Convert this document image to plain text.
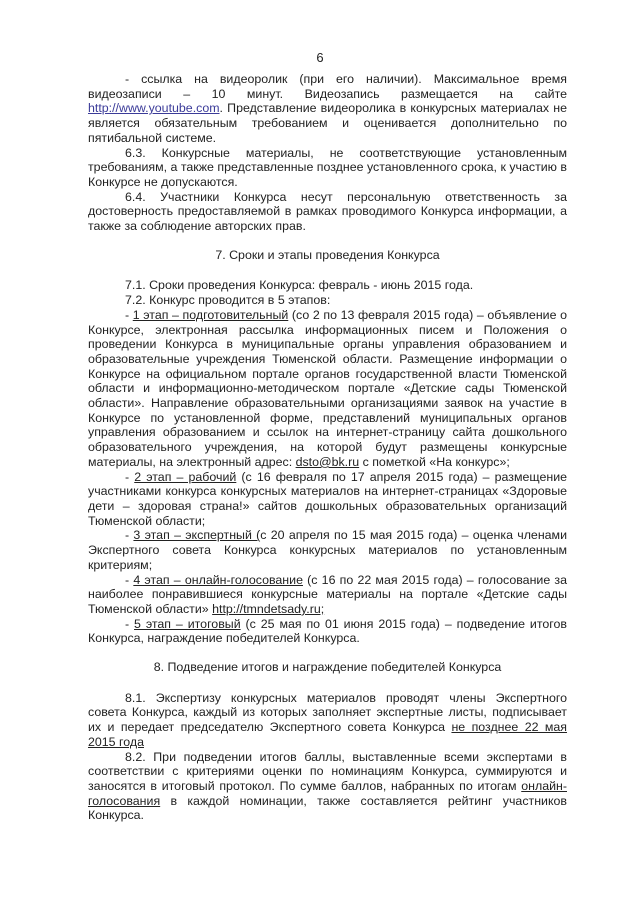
6

- ссылка на видеоролик (при его наличии). Максимальное время видеозаписи – 10 минут. Видеозапись размещается на сайте http://www.youtube.com. Представление видеоролика в конкурсных материалах не является обязательным требованием и оценивается дополнительно по пятибальной системе.

6.3. Конкурсные материалы, не соответствующие установленным требованиям, а также представленные позднее установленного срока, к участию в Конкурсе не допускаются.

6.4. Участники Конкурса несут персональную ответственность за достоверность предоставляемой в рамках проводимого Конкурса информации, а также за соблюдение авторских прав.

7. Сроки и этапы проведения Конкурса

7.1. Сроки проведения Конкурса: февраль - июнь 2015 года.

7.2. Конкурс проводится в 5 этапов:

- 1 этап – подготовительный (со 2 по 13 февраля 2015 года) – объявление о Конкурсе, электронная рассылка информационных писем и Положения о проведении Конкурса в муниципальные органы управления образованием и образовательные учреждения Тюменской области. Размещение информации о Конкурсе на официальном портале органов государственной власти Тюменской области и информационно-методическом портале «Детские сады Тюменской области». Направление образовательными организациями заявок на участие в Конкурсе по установленной форме, представлений муниципальных органов управления образованием и ссылок на интернет-страницу сайта дошкольного образовательного учреждения, на которой будут размещены конкурсные материалы, на электронный адрес: dsto@bk.ru с пометкой «На конкурс»;

- 2 этап – рабочий (с 16 февраля по 17 апреля 2015 года) – размещение участниками конкурса конкурсных материалов на интернет-страницах «Здоровые дети – здоровая страна!» сайтов дошкольных образовательных организаций Тюменской области;

- 3 этап – экспертный (с 20 апреля по 15 мая 2015 года) – оценка членами Экспертного совета Конкурса конкурсных материалов по установленным критериям;

- 4 этап – онлайн-голосование (с 16 по 22 мая 2015 года) – голосование за наиболее понравившиеся конкурсные материалы на портале «Детские сады Тюменской области» http://tmndetsady.ru;

- 5 этап – итоговый (с 25 мая по 01 июня 2015 года) – подведение итогов Конкурса, награждение победителей Конкурса.

8. Подведение итогов и награждение победителей Конкурса

8.1. Экспертизу конкурсных материалов проводят члены Экспертного совета Конкурса, каждый из которых заполняет экспертные листы, подписывает их и передает председателю Экспертного совета Конкурса не позднее 22 мая 2015 года

8.2. При подведении итогов баллы, выставленные всеми экспертами в соответствии с критериями оценки по номинациям Конкурса, суммируются и заносятся в итоговый протокол. По сумме баллов, набранных по итогам онлайн-голосования в каждой номинации, также составляется рейтинг участников Конкурса.
